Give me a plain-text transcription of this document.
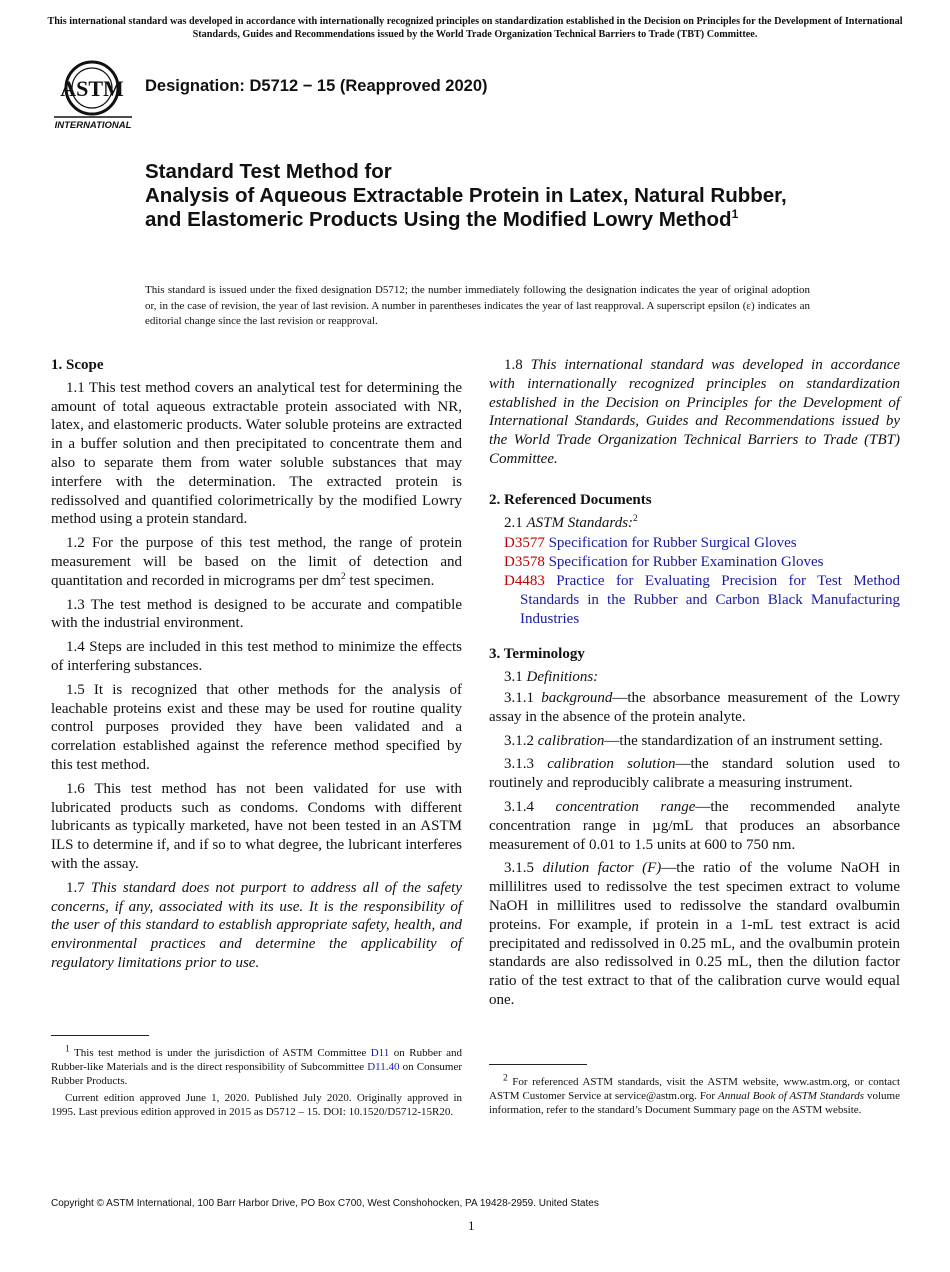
This international standard was developed in accordance with internationally recognized principles on standardization established in the Decision on Principles for the Development of International Standards, Guides and Recommendations issued by the World Trade Organization Technical Barriers to Trade (TBT) Committee.
ASTM
INTERNATIONAL
Designation: D5712 − 15 (Reapproved 2020)
Standard Test Method for
Analysis of Aqueous Extractable Protein in Latex, Natural Rubber, and Elastomeric Products Using the Modified Lowry Method$^1$
This standard is issued under the fixed designation D5712; the number immediately following the designation indicates the year of original adoption or, in the case of revision, the year of last revision. A number in parentheses indicates the year of last reapproval. A superscript epsilon (ε) indicates an editorial change since the last revision or reapproval.
1. Scope

1.1 This test method covers an analytical test for determining the amount of total aqueous extractable protein associated with NR, latex, and elastomeric products. Water soluble proteins are extracted in a buffer solution and then precipitated to concentrate them and also to separate them from water soluble substances that may interfere with the determination. The extracted protein is redissolved and quantified colorimetrically by the modified Lowry method using a protein standard.

1.2 For the purpose of this test method, the range of protein measurement will be based on the limit of detection and quantitation and recorded in micrograms per dm$^2$ test specimen.

1.3 The test method is designed to be accurate and compatible with the industrial environment.

1.4 Steps are included in this test method to minimize the effects of interfering substances.

1.5 It is recognized that other methods for the analysis of leachable proteins exist and these may be used for routine quality control purposes provided they have been validated and a correlation established against the reference method specified by this test method.

1.6 This test method has not been validated for use with lubricated products such as condoms. Condoms with different lubricants as typically marketed, have not been tested in an ASTM ILS to determine if, and if so to what degree, the lubricant interferes with the assay.

1.7 This standard does not purport to address all of the safety concerns, if any, associated with its use. It is the responsibility of the user of this standard to establish appropriate safety, health, and environmental practices and determine the applicability of regulatory limitations prior to use.

$^1$ This test method is under the jurisdiction of ASTM Committee D11 on Rubber and Rubber-like Materials and is the direct responsibility of Subcommittee D11.40 on Consumer Rubber Products.

Current edition approved June 1, 2020. Published July 2020. Originally approved in 1995. Last previous edition approved in 2015 as D5712 – 15. DOI: 10.1520/D5712-15R20.

1.8 This international standard was developed in accordance with internationally recognized principles on standardization established in the Decision on Principles for the Development of International Standards, Guides and Recommendations issued by the World Trade Organization Technical Barriers to Trade (TBT) Committee.

2. Referenced Documents

2.1 ASTM Standards:$^2$

D3577 Specification for Rubber Surgical Gloves

D3578 Specification for Rubber Examination Gloves

D4483 Practice for Evaluating Precision for Test Method Standards in the Rubber and Carbon Black Manufacturing Industries

3. Terminology

3.1 Definitions:

3.1.1 background—the absorbance measurement of the Lowry assay in the absence of the protein analyte.

3.1.2 calibration—the standardization of an instrument setting.

3.1.3 calibration solution—the standard solution used to routinely and reproducibly calibrate a measuring instrument.

3.1.4 concentration range—the recommended analyte concentration range in µg/mL that produces an absorbance measurement of 0.01 to 1.5 units at 600 to 750 nm.

3.1.5 dilution factor (F)—the ratio of the volume NaOH in millilitres used to redissolve the test specimen extract to volume NaOH in millilitres used to redissolve the standard ovalbumin proteins. For example, if protein in a 1-mL test extract is acid precipitated and redissolved in 0.25 mL, and the ovalbumin protein standards are also redissolved in 0.25 mL, then the dilution factor ratio of the test extract to that of the calibration curve would equal one.

$^2$ For referenced ASTM standards, visit the ASTM website, www.astm.org, or contact ASTM Customer Service at service@astm.org. For Annual Book of ASTM Standards volume information, refer to the standard’s Document Summary page on the ASTM website.

Copyright © ASTM International, 100 Barr Harbor Drive, PO Box C700, West Conshohocken, PA 19428-2959. United States
1
